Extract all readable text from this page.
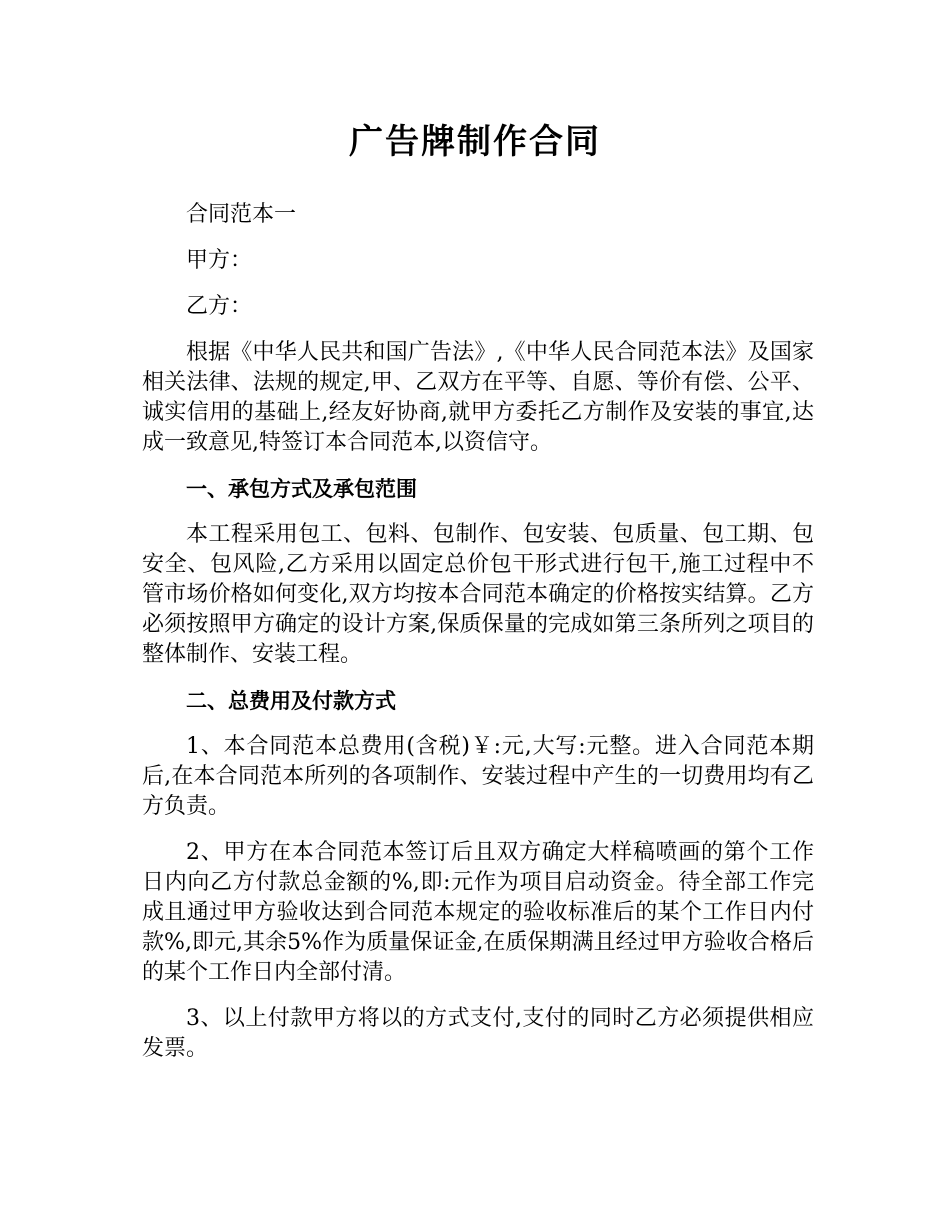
广告牌制作合同

合同范本一

甲方：

乙方：

根据《中华人民共和国广告法》,《中华人民合同范本法》及国家相关法律、法规的规定,甲、乙双方在平等、自愿、等价有偿、公平、诚实信用的基础上,经友好协商,就甲方委托乙方制作及安装的事宜,达成一致意见,特签订本合同范本,以资信守。

一、承包方式及承包范围

本工程采用包工、包料、包制作、包安装、包质量、包工期、包安全、包风险,乙方采用以固定总价包干形式进行包干,施工过程中不管市场价格如何变化,双方均按本合同范本确定的价格按实结算。乙方必须按照甲方确定的设计方案,保质保量的完成如第三条所列之项目的整体制作、安装工程。

二、总费用及付款方式

1、本合同范本总费用(含税)￥:元,大写:元整。进入合同范本期后,在本合同范本所列的各项制作、安装过程中产生的一切费用均有乙方负责。

2、甲方在本合同范本签订后且双方确定大样稿喷画的第个工作日内向乙方付款总金额的%,即:元作为项目启动资金。待全部工作完成且通过甲方验收达到合同范本规定的验收标准后的某个工作日内付款%,即元,其余5%作为质量保证金,在质保期满且经过甲方验收合格后的某个工作日内全部付清。

3、以上付款甲方将以的方式支付,支付的同时乙方必须提供相应发票。
